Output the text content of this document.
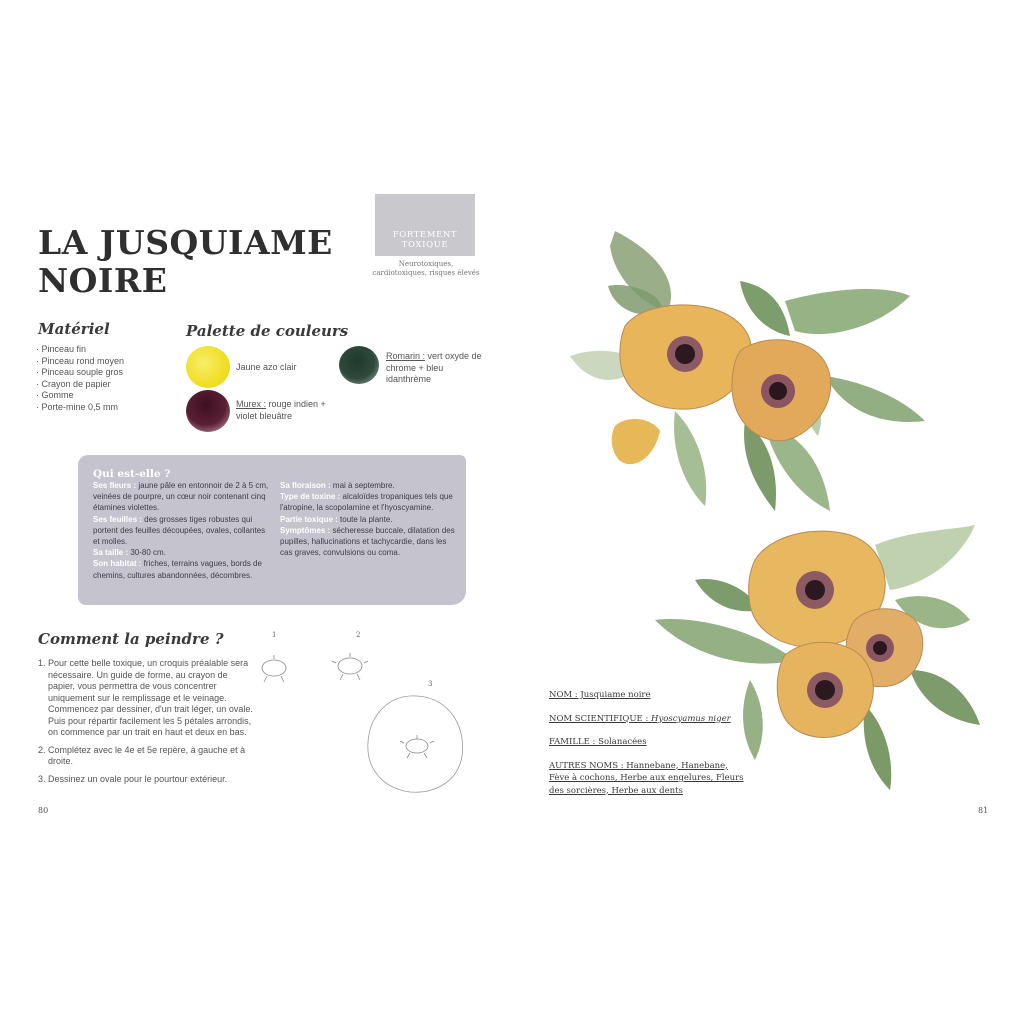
LA JUSQUIAME
NOIRE
FORTEMENT
TOXIQUE
Neurotoxiques, cardiotoxiques, risques élevés
Matériel
· Pinceau fin
· Pinceau rond moyen
· Pinceau souple gros
· Crayon de papier
· Gomme
· Porte-mine 0,5 mm
Palette de couleurs
Jaune azo clair
Murex : rouge indien + violet bleuâtre
Romarin : vert oxyde de chrome + bleu idanthrème
Qui est-elle ?
Ses fleurs : jaune pâle en entonnoir de 2 à 5 cm, veinées de pourpre, un cœur noir contenant cinq étamines violettes.
Ses feuilles : des grosses tiges robustes qui portent des feuilles découpées, ovales, collantes et molles.
Sa taille : 30-80 cm.
Son habitat : friches, terrains vagues, bords de chemins, cultures abandonnées, décombres.
Sa floraison : mai à septembre.
Type de toxine : alcaloïdes tropaniques tels que l'atropine, la scopolamine et l'hyoscyamine.
Partie toxique : toute la plante.
Symptômes : sécheresse buccale, dilatation des pupilles, hallucinations et tachycardie, dans les cas graves, convulsions ou coma.
Comment la peindre ?
1. Pour cette belle toxique, un croquis préalable sera nécessaire. Un guide de forme, au crayon de papier, vous permettra de vous concentrer uniquement sur le remplissage et le veinage. Commencez par dessiner, d'un trait léger, un ovale. Puis pour répartir facilement les 5 pétales arrondis, on commence par un trait en haut et deux en bas.
2. Complétez avec le 4e et 5e repère, à gauche et à droite.
3. Dessinez un ovale pour le pourtour extérieur.
1	2
3
80	81

NOM : Jusquiame noire

NOM SCIENTIFIQUE : Hyoscyamus niger

FAMILLE : Solanacées

AUTRES NOMS : Hannebane, Hanebane, Fève à cochons, Herbe aux engelures, Fleurs des sorcières, Herbe aux dents
